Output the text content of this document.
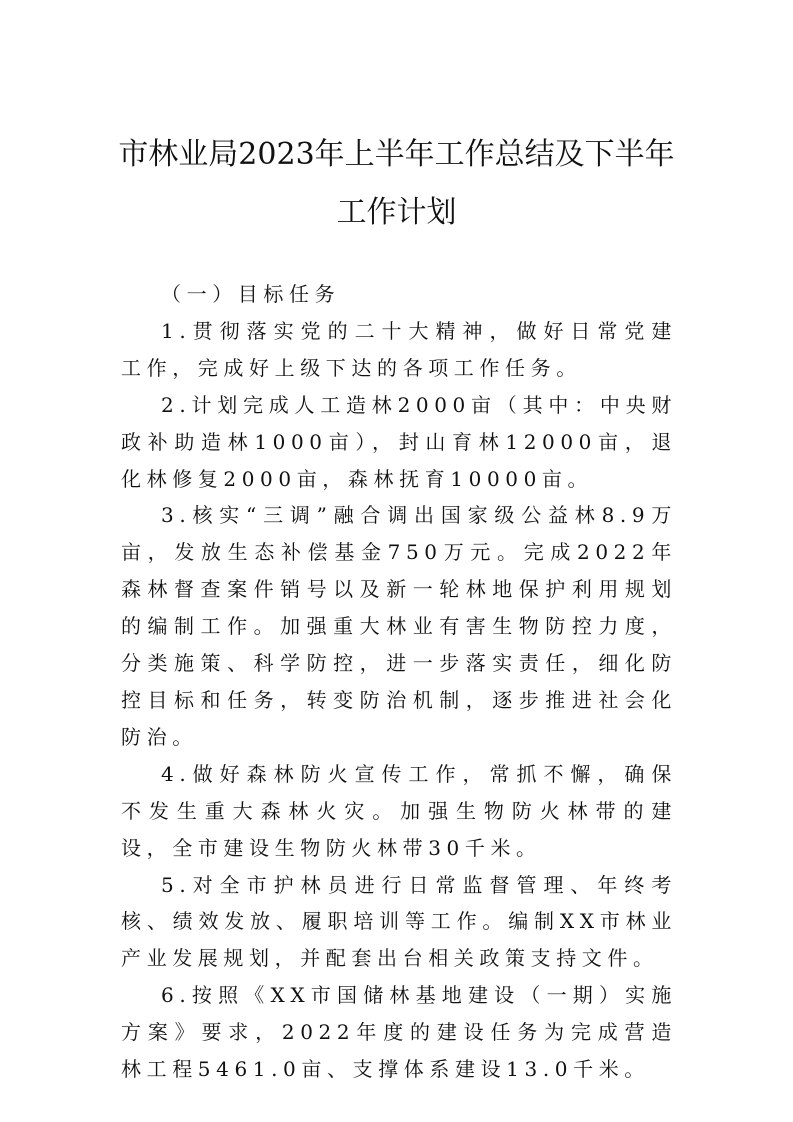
市林业局2023年上半年工作总结及下半年
工作计划

（一）目标任务

1.贯彻落实党的二十大精神，做好日常党建工作，完成好上级下达的各项工作任务。

2.计划完成人工造林2000亩（其中：中央财政补助造林1000亩），封山育林12000亩，退化林修复2000亩，森林抚育10000亩。

3.核实“三调”融合调出国家级公益林8.9万亩，发放生态补偿基金750万元。完成2022年森林督查案件销号以及新一轮林地保护利用规划的编制工作。加强重大林业有害生物防控力度，分类施策、科学防控，进一步落实责任，细化防控目标和任务，转变防治机制，逐步推进社会化防治。

4.做好森林防火宣传工作，常抓不懈，确保不发生重大森林火灾。加强生物防火林带的建设，全市建设生物防火林带30千米。

5.对全市护林员进行日常监督管理、年终考核、绩效发放、履职培训等工作。编制XX市林业产业发展规划，并配套出台相关政策支持文件。

6.按照《XX市国储林基地建设（一期）实施方案》要求，2022年度的建设任务为完成营造林工程5461.0亩、支撑体系建设13.0千米。
